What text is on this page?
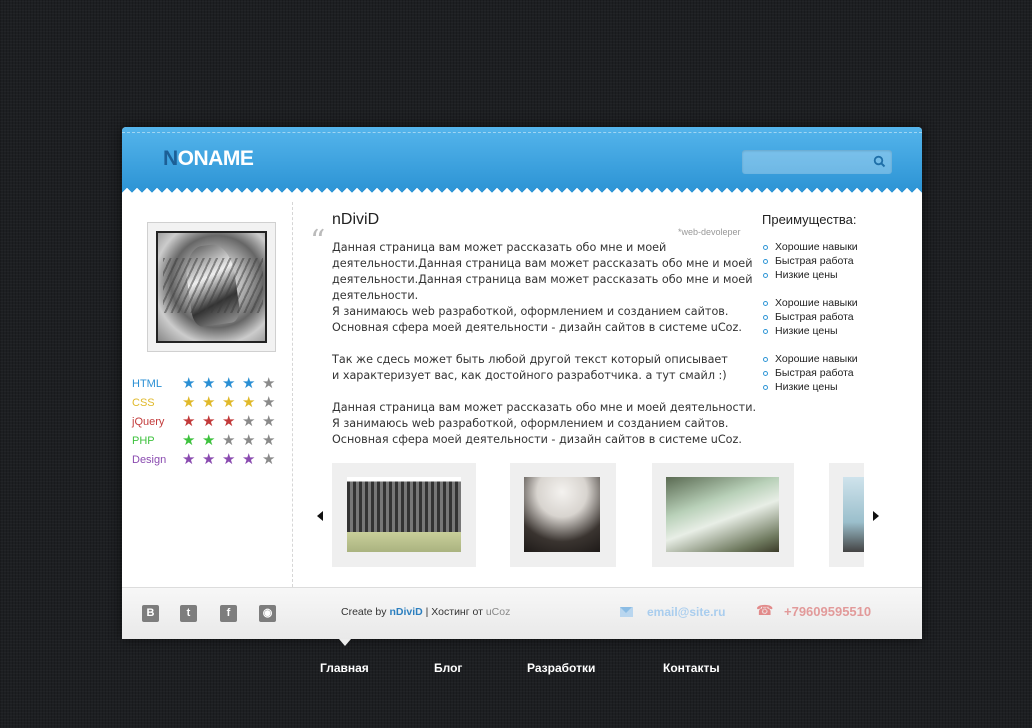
NONAME
HTML	★ ★ ★ ★ ★
CSS	★ ★ ★ ★ ★
jQuery	★ ★ ★ ★ ★
PHP	★ ★ ★ ★ ★
Design	★ ★ ★ ★ ★
“
nDiviD
*web-devoleper

Данная страница вам может рассказать обо мне и моей деятельности.Данная страница вам может рассказать обо мне и моей деятельности.Данная страница вам может рассказать обо мне и моей деятельности.
Я занимаюсь web разработкой, оформлением и созданием сайтов.
Основная сфера моей деятельности - дизайн сайтов в системе uCoz.

Так же сдесь может быть любой другой текст который описывает
и характеризует вас, как достойного разработчика. а тут смайл :)

Данная страница вам может рассказать обо мне и моей деятельности.
Я занимаюсь web разработкой, оформлением и созданием сайтов.
Основная сфера моей деятельности - дизайн сайтов в системе uCoz.

Преимущества:
Хорошие навыки
Быстрая работа
Низкие цены
Хорошие навыки
Быстрая работа
Низкие цены
Хорошие навыки
Быстрая работа
Низкие цены
В	t	f	◉	Create by nDiviD | Хостинг от uCoz	email@site.ru ☎ +79609595510
Главная	Блог	Разработки	Контакты
